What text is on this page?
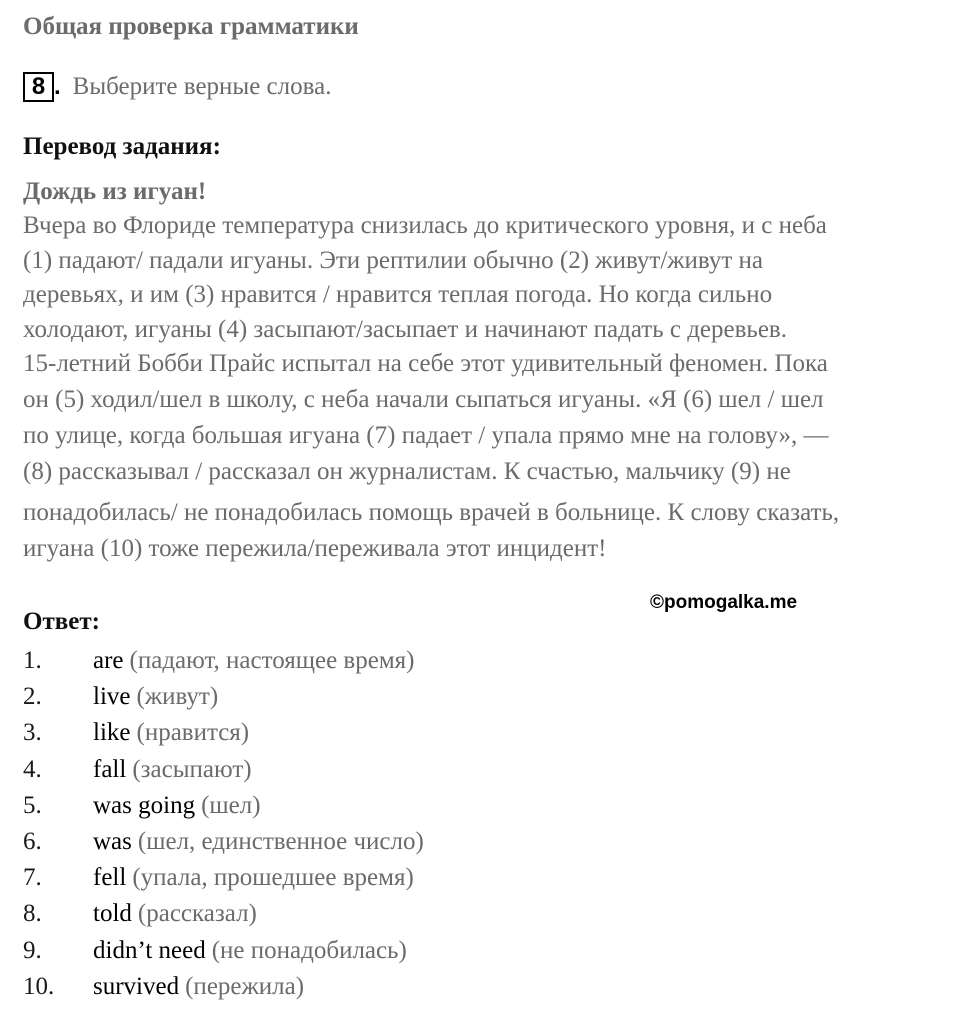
Общая проверка грамматики
8 . Выберите верные слова.
Перевод задания:
Дождь из игуан!
Вчера во Флориде температура снизилась до критического уровня, и с неба
(1) падают/ падали игуаны. Эти рептилии обычно (2) живут/живут на
деревьях, и им (3) нравится / нравится теплая погода. Но когда сильно
холодают, игуаны (4) засыпают/засыпает и начинают падать с деревьев.
15-летний Бобби Прайс испытал на себе этот удивительный феномен. Пока
он (5) ходил/шел в школу, с неба начали сыпаться игуаны. «Я (6) шел / шел
по улице, когда большая игуана (7) падает / упала прямо мне на голову», —
(8) рассказывал / рассказал он журналистам. К счастью, мальчику (9) не
понадобилась/ не понадобилась помощь врачей в больнице. К слову сказать,
игуана (10) тоже пережила/переживала этот инцидент!
©pomogalka.me
Ответ:
1.	are (падают, настоящее время)
2.	live (живут)
3.	like (нравится)
4.	fall (засыпают)
5.	was going (шел)
6.	was (шел, единственное число)
7.	fell (упала, прошедшее время)
8.	told (рассказал)
9.	didn’t need (не понадобилась)
10.	survived (пережила)
